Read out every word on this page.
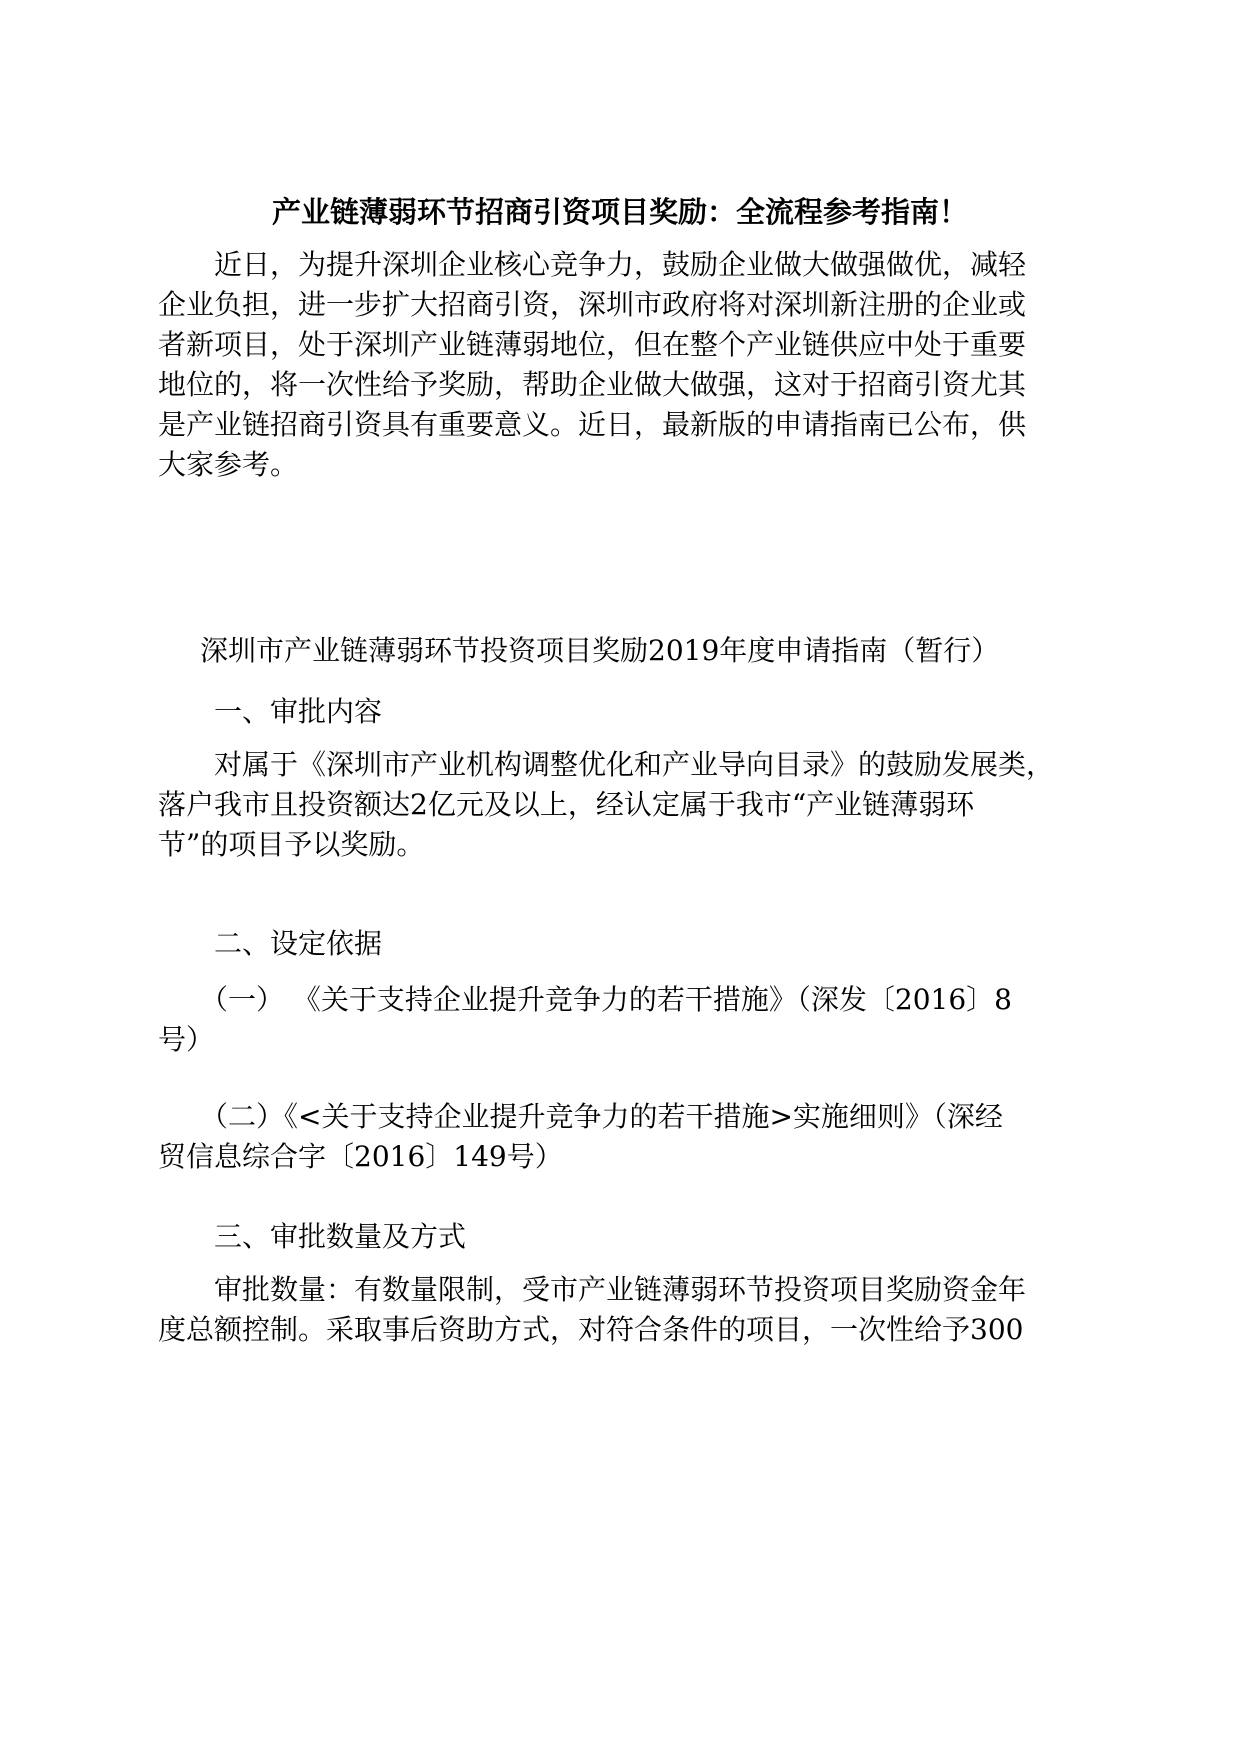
产业链薄弱环节招商引资项目奖励：全流程参考指南！
近日，为提升深圳企业核心竞争力，鼓励企业做大做强做优，减轻
企业负担，进一步扩大招商引资，深圳市政府将对深圳新注册的企业或
者新项目，处于深圳产业链薄弱地位，但在整个产业链供应中处于重要
地位的，将一次性给予奖励，帮助企业做大做强，这对于招商引资尤其
是产业链招商引资具有重要意义。近日，最新版的申请指南已公布，供
大家参考。
深圳市产业链薄弱环节投资项目奖励2019年度申请指南（暂行）
一、审批内容
对属于《深圳市产业机构调整优化和产业导向目录》的鼓励发展类，
落户我市且投资额达2亿元及以上，经认定属于我市“产业链薄弱环
节”的项目予以奖励。
二、设定依据
（一） 《关于支持企业提升竞争力的若干措施》（深发〔2016〕8
号）
（二）《<关于支持企业提升竞争力的若干措施>实施细则》（深经
贸信息综合字〔2016〕149号）
三、审批数量及方式
审批数量：有数量限制，受市产业链薄弱环节投资项目奖励资金年
度总额控制。采取事后资助方式，对符合条件的项目，一次性给予300
